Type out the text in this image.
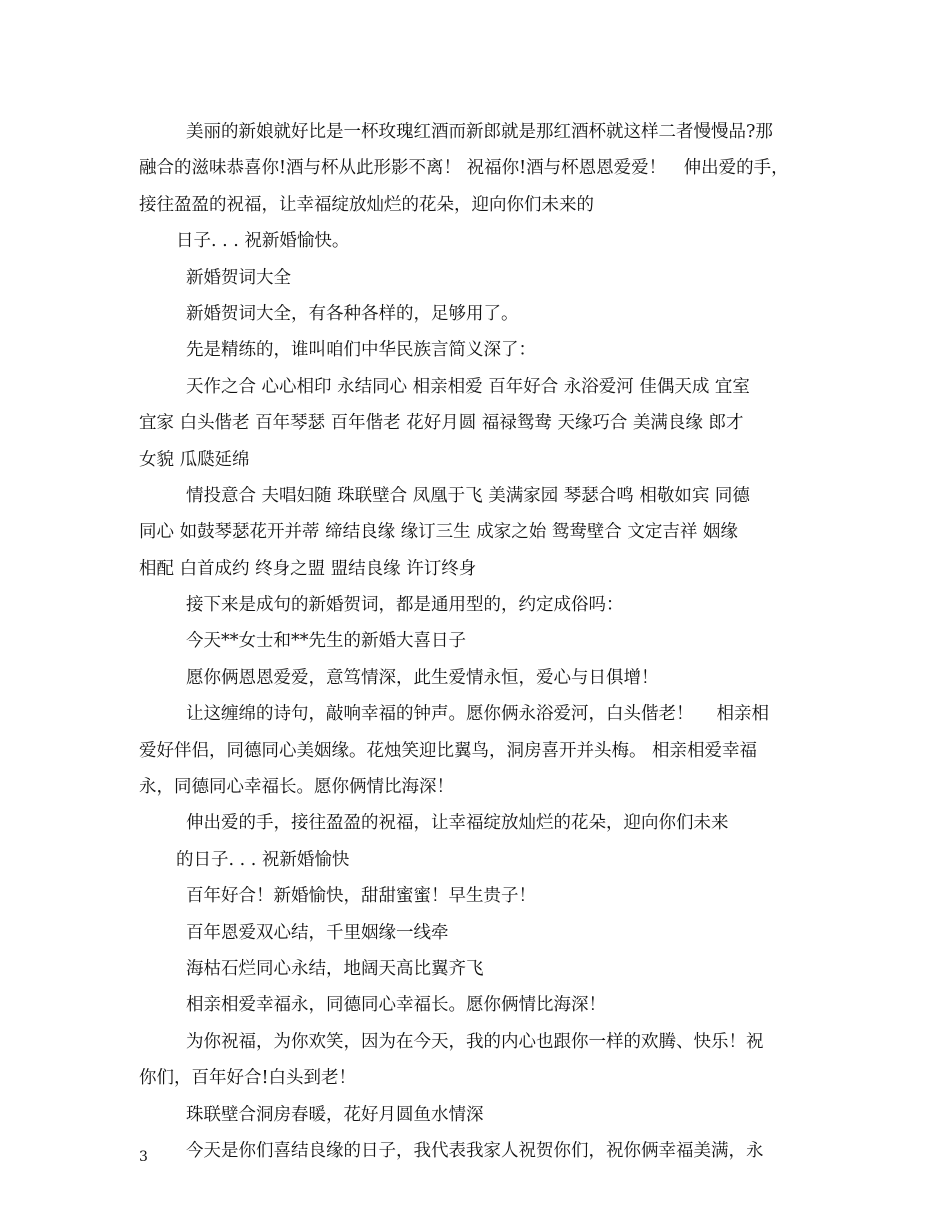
美丽的新娘就好比是一杯玫瑰红酒而新郎就是那红酒杯就这样二者慢慢品?那
融合的滋味恭喜你!酒与杯从此形影不离！ 祝福你!酒与杯恩恩爱爱！　伸出爱的手，
接往盈盈的祝福，让幸福绽放灿烂的花朵，迎向你们未来的
日子. . . 祝新婚愉快。
新婚贺词大全
新婚贺词大全，有各种各样的，足够用了。
先是精练的，谁叫咱们中华民族言简义深了：
天作之合 心心相印 永结同心 相亲相爱 百年好合 永浴爱河 佳偶天成 宜室
宜家 白头偕老 百年琴瑟 百年偕老 花好月圆 福禄鸳鸯 天缘巧合 美满良缘 郎才
女貌 瓜瓞延绵
情投意合 夫唱妇随 珠联壁合 凤凰于飞 美满家园 琴瑟合鸣 相敬如宾 同德
同心 如鼓琴瑟花开并蒂 缔结良缘 缘订三生 成家之始 鸳鸯壁合 文定吉祥 姻缘
相配 白首成约 终身之盟 盟结良缘 许订终身
接下来是成句的新婚贺词，都是通用型的，约定成俗吗：
今天**女士和**先生的新婚大喜日子
愿你俩恩恩爱爱，意笃情深，此生爱情永恒，爱心与日俱增！
让这缠绵的诗句，敲响幸福的钟声。愿你俩永浴爱河，白头偕老！　 相亲相
爱好伴侣，同德同心美姻缘。花烛笑迎比翼鸟，洞房喜开并头梅。 相亲相爱幸福
永，同德同心幸福长。愿你俩情比海深！
伸出爱的手，接往盈盈的祝福，让幸福绽放灿烂的花朵，迎向你们未来
的日子. . . 祝新婚愉快
百年好合！新婚愉快，甜甜蜜蜜！早生贵子！
百年恩爱双心结，千里姻缘一线牵
海枯石烂同心永结，地阔天高比翼齐飞
相亲相爱幸福永，同德同心幸福长。愿你俩情比海深！
为你祝福，为你欢笑，因为在今天，我的内心也跟你一样的欢腾、快乐！祝
你们，百年好合!白头到老！
珠联壁合洞房春暖，花好月圆鱼水情深
今天是你们喜结良缘的日子，我代表我家人祝贺你们，祝你俩幸福美满，永
3
